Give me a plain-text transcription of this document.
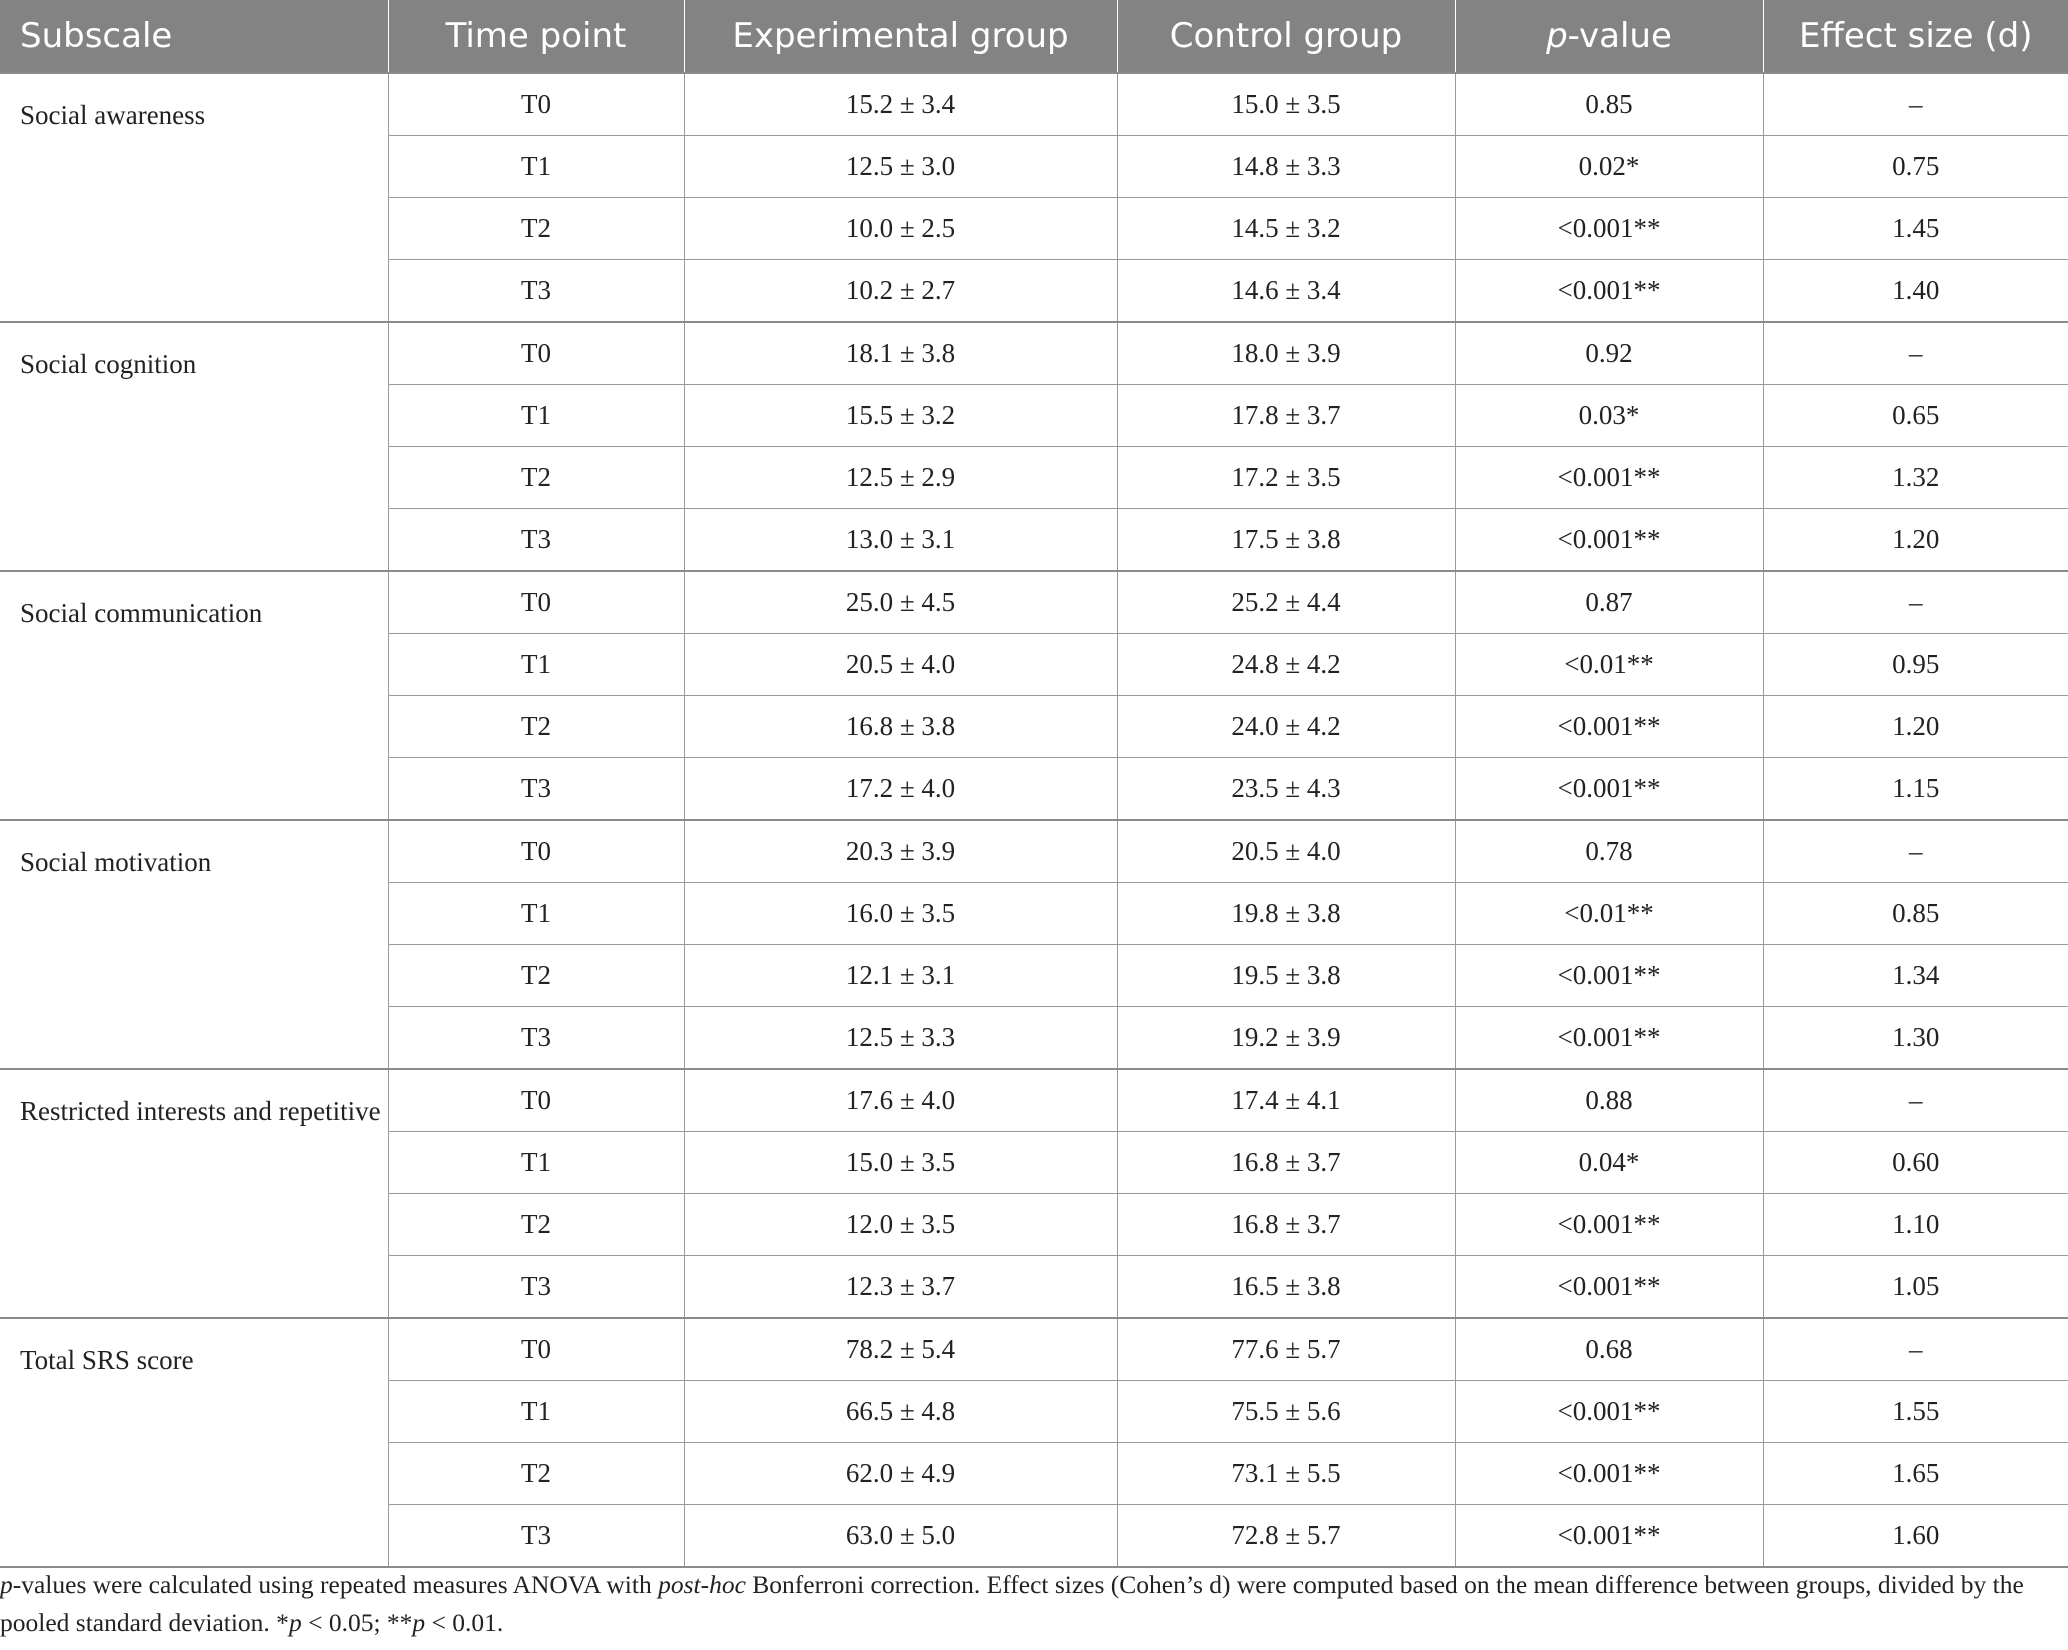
Subscale	Time point	Experimental group	Control group	p-value	Effect size (d)
Social awareness	T0	15.2 ± 3.4	15.0 ± 3.5	0.85	–
	T1	12.5 ± 3.0	14.8 ± 3.3	0.02*	0.75
	T2	10.0 ± 2.5	14.5 ± 3.2	<0.001**	1.45
	T3	10.2 ± 2.7	14.6 ± 3.4	<0.001**	1.40
Social cognition	T0	18.1 ± 3.8	18.0 ± 3.9	0.92	–
	T1	15.5 ± 3.2	17.8 ± 3.7	0.03*	0.65
	T2	12.5 ± 2.9	17.2 ± 3.5	<0.001**	1.32
	T3	13.0 ± 3.1	17.5 ± 3.8	<0.001**	1.20
Social communication	T0	25.0 ± 4.5	25.2 ± 4.4	0.87	–
	T1	20.5 ± 4.0	24.8 ± 4.2	<0.01**	0.95
	T2	16.8 ± 3.8	24.0 ± 4.2	<0.001**	1.20
	T3	17.2 ± 4.0	23.5 ± 4.3	<0.001**	1.15
Social motivation	T0	20.3 ± 3.9	20.5 ± 4.0	0.78	–
	T1	16.0 ± 3.5	19.8 ± 3.8	<0.01**	0.85
	T2	12.1 ± 3.1	19.5 ± 3.8	<0.001**	1.34
	T3	12.5 ± 3.3	19.2 ± 3.9	<0.001**	1.30
Restricted interests and repetitive	T0	17.6 ± 4.0	17.4 ± 4.1	0.88	–
	T1	15.0 ± 3.5	16.8 ± 3.7	0.04*	0.60
	T2	12.0 ± 3.5	16.8 ± 3.7	<0.001**	1.10
	T3	12.3 ± 3.7	16.5 ± 3.8	<0.001**	1.05
Total SRS score	T0	78.2 ± 5.4	77.6 ± 5.7	0.68	–
	T1	66.5 ± 4.8	75.5 ± 5.6	<0.001**	1.55
	T2	62.0 ± 4.9	73.1 ± 5.5	<0.001**	1.65
	T3	63.0 ± 5.0	72.8 ± 5.7	<0.001**	1.60
p-values were calculated using repeated measures ANOVA with post-hoc Bonferroni correction. Effect sizes (Cohen’s d) were computed based on the mean difference between groups, divided by the pooled standard deviation. *p < 0.05; **p < 0.01.
